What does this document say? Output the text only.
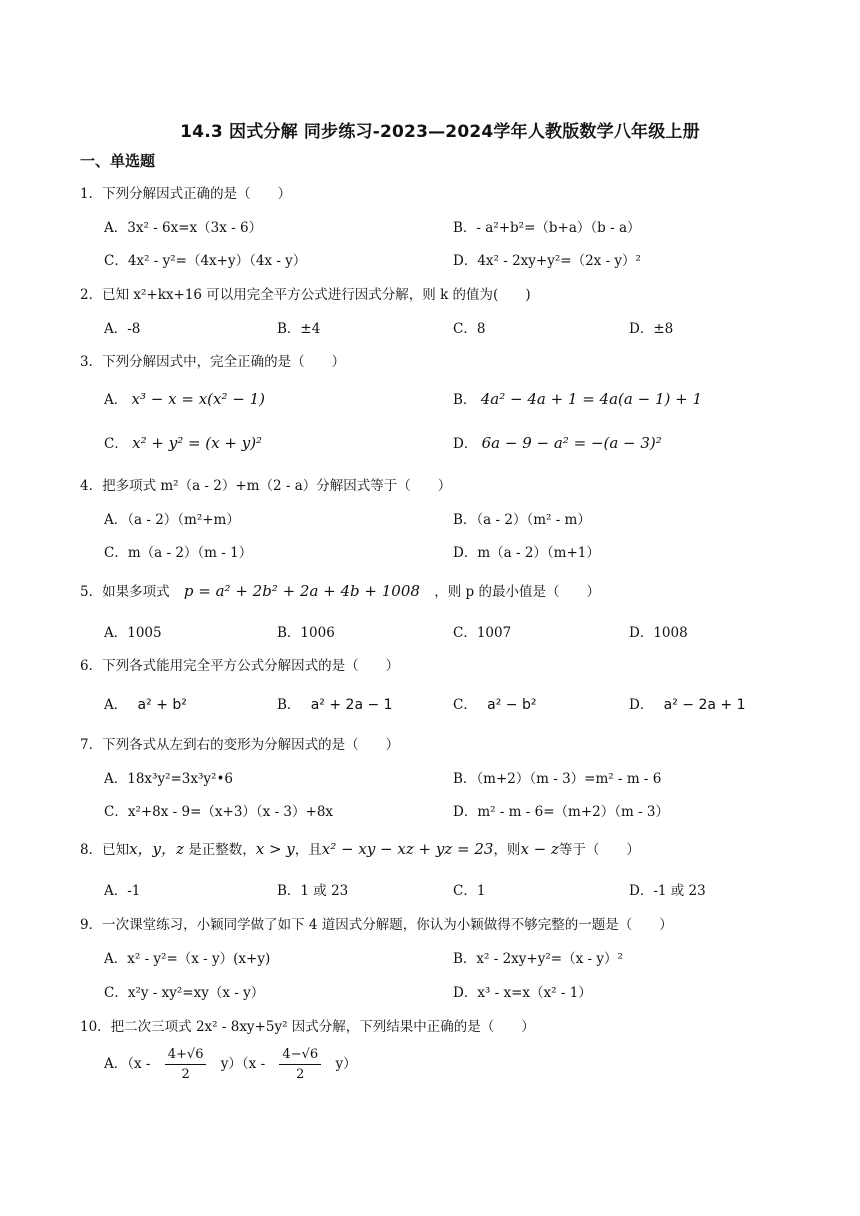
14.3 因式分解 同步练习-2023—2024学年人教版数学八年级上册
一、单选题
1．下列分解因式正确的是（　　）
A．3x² - 6x=x（3x - 6）	B．- a²+b²=（b+a）（b - a）
C．4x² - y²=（4x+y）（4x - y）	D．4x² - 2xy+y²=（2x - y）²
2．已知 x²+kx+16 可以用完全平方公式进行因式分解，则 k 的值为(　　)
A．-8	B．±4	C．8	D．±8
3．下列分解因式中，完全正确的是（　　）
A． x³ − x = x(x² − 1)	B． 4a² − 4a + 1 = 4a(a − 1) + 1
C． x² + y² = (x + y)²	D． 6a − 9 − a² = −(a − 3)²
4．把多项式 m²（a - 2）+m（2 - a）分解因式等于（　　）
A．（a - 2）（m²+m）	B．（a - 2）（m² - m）
C．m（a - 2）（m - 1）	D．m（a - 2）（m+1）
5．如果多项式 p = a² + 2b² + 2a + 4b + 1008 ，则 p 的最小值是（　　）
A．1005	B．1006	C．1007	D．1008
6．下列各式能用完全平方公式分解因式的是（　　）
A． a² + b²	B． a² + 2a − 1	C． a² − b²	D． a² − 2a + 1
7．下列各式从左到右的变形为分解因式的是（　　）
A．18x³y²=3x³y²•6	B．（m+2）（m - 3）=m² - m - 6
C．x²+8x - 9=（x+3）（x - 3）+8x	D．m² - m - 6=（m+2）（m - 3）
8．已知x，y，z 是正整数，x > y，且x² − xy − xz + yz = 23，则x − z等于（　　）
A．-1	B．1 或 23	C．1	D．-1 或 23
9．一次课堂练习，小颖同学做了如下 4 道因式分解题，你认为小颖做得不够完整的一题是（　　）
A．x² - y²=（x - y）(x+y)	B．x² - 2xy+y²=（x - y）²
C．x²y - xy²=xy（x - y）	D．x³ - x=x（x² - 1）
10．把二次三项式 2x² - 8xy+5y² 因式分解，下列结果中正确的是（　　）
A．$(x - \frac{4+√6}{2} y)(x - \frac{4-√6}{2} y)$
